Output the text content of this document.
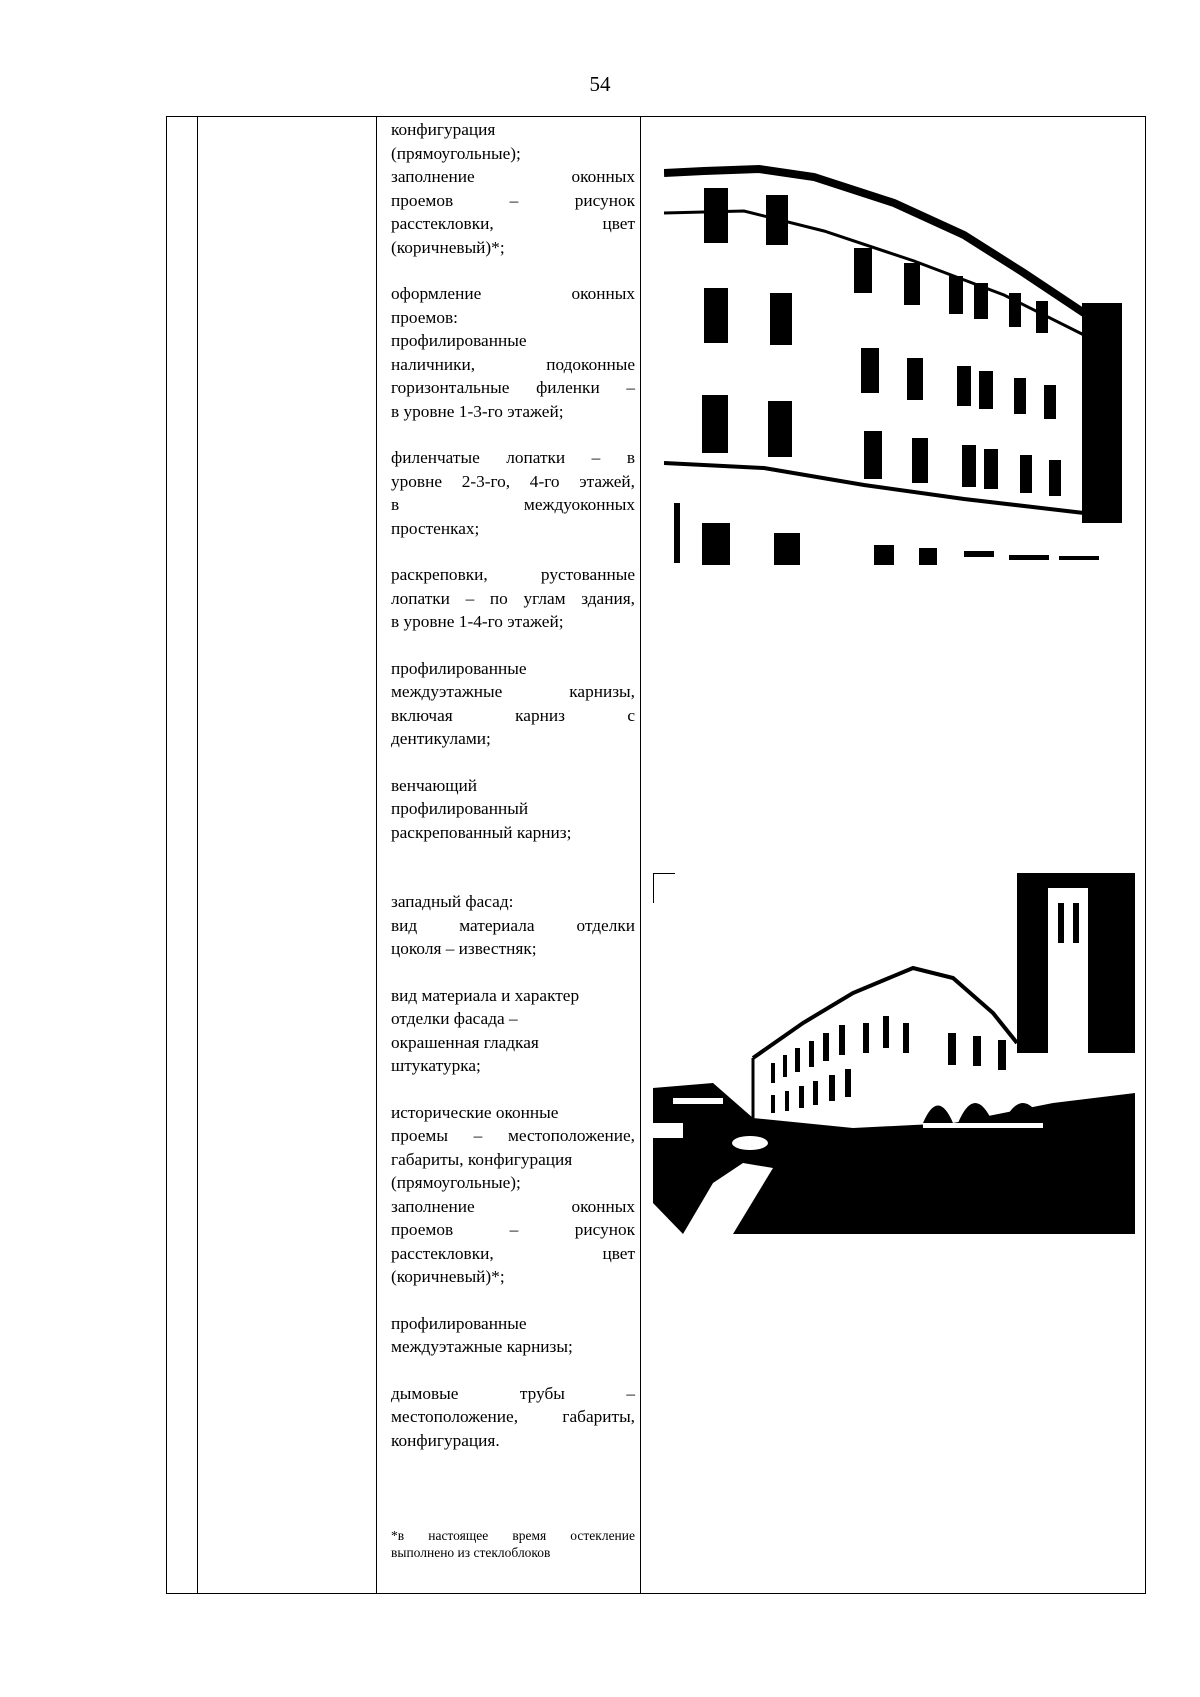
54
конфигурация
(прямоугольные);
заполнение оконных
проемов – рисунок
расстекловки, цвет
(коричневый)*;
оформление оконных
проемов:
профилированные
наличники, подоконные
горизонтальные филенки –
в уровне 1-3-го этажей;
филенчатые лопатки – в
уровне 2-3-го, 4-го этажей,
в междуоконных
простенках;
раскреповки, рустованные
лопатки – по углам здания,
в уровне 1-4-го этажей;
профилированные
междуэтажные карнизы,
включая карниз с
дентикулами;
венчающий
профилированный
раскрепованный карниз;
западный фасад:
вид материала отделки
цоколя – известняк;
вид материала и характер
отделки фасада –
окрашенная гладкая
штукатурка;
исторические оконные
проемы – местоположение,
габариты, конфигурация
(прямоугольные);
заполнение оконных
проемов – рисунок
расстекловки, цвет
(коричневый)*;
профилированные
междуэтажные карнизы;
дымовые трубы –
местоположение, габариты,
конфигурация.
*в настоящее время остекление
выполнено из стеклоблоков
